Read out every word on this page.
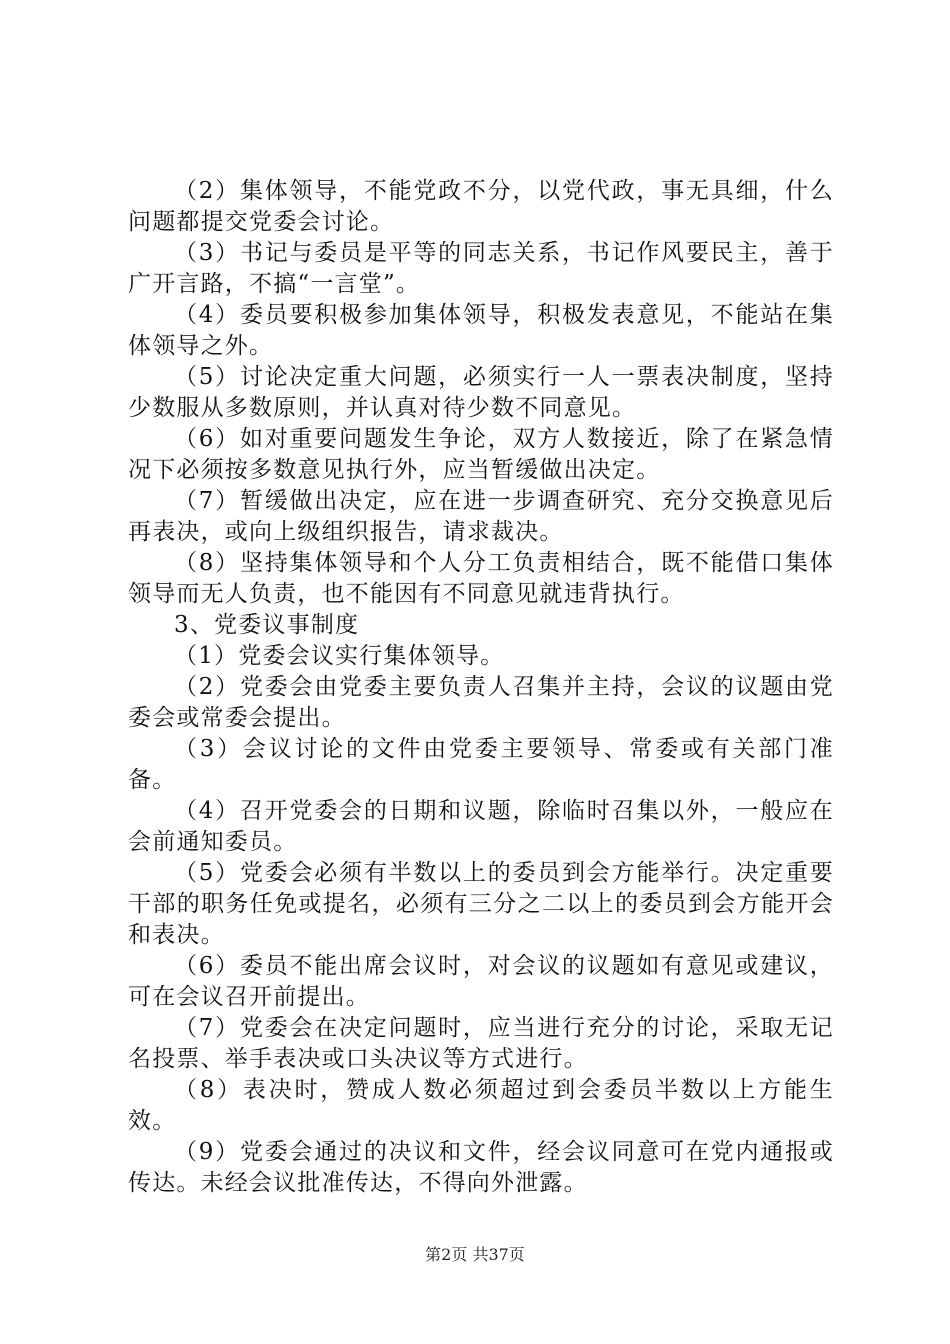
（2）集体领导，不能党政不分，以党代政，事无具细，什么问题都提交党委会讨论。

（3）书记与委员是平等的同志关系，书记作风要民主，善于广开言路，不搞“一言堂”。

（4）委员要积极参加集体领导，积极发表意见，不能站在集体领导之外。

（5）讨论决定重大问题，必须实行一人一票表决制度，坚持少数服从多数原则，并认真对待少数不同意见。

（6）如对重要问题发生争论，双方人数接近，除了在紧急情况下必须按多数意见执行外，应当暂缓做出决定。

（7）暂缓做出决定，应在进一步调查研究、充分交换意见后再表决，或向上级组织报告，请求裁决。

（8）坚持集体领导和个人分工负责相结合，既不能借口集体领导而无人负责，也不能因有不同意见就违背执行。

3、党委议事制度

（1）党委会议实行集体领导。

（2）党委会由党委主要负责人召集并主持，会议的议题由党委会或常委会提出。

（3）会议讨论的文件由党委主要领导、常委或有关部门准备。

（4）召开党委会的日期和议题，除临时召集以外，一般应在会前通知委员。

（5）党委会必须有半数以上的委员到会方能举行。决定重要干部的职务任免或提名，必须有三分之二以上的委员到会方能开会和表决。

（6）委员不能出席会议时，对会议的议题如有意见或建议，可在会议召开前提出。

（7）党委会在决定问题时，应当进行充分的讨论，采取无记名投票、举手表决或口头决议等方式进行。

（8）表决时，赞成人数必须超过到会委员半数以上方能生效。

（9）党委会通过的决议和文件，经会议同意可在党内通报或传达。未经会议批准传达，不得向外泄露。

第2页 共37页
